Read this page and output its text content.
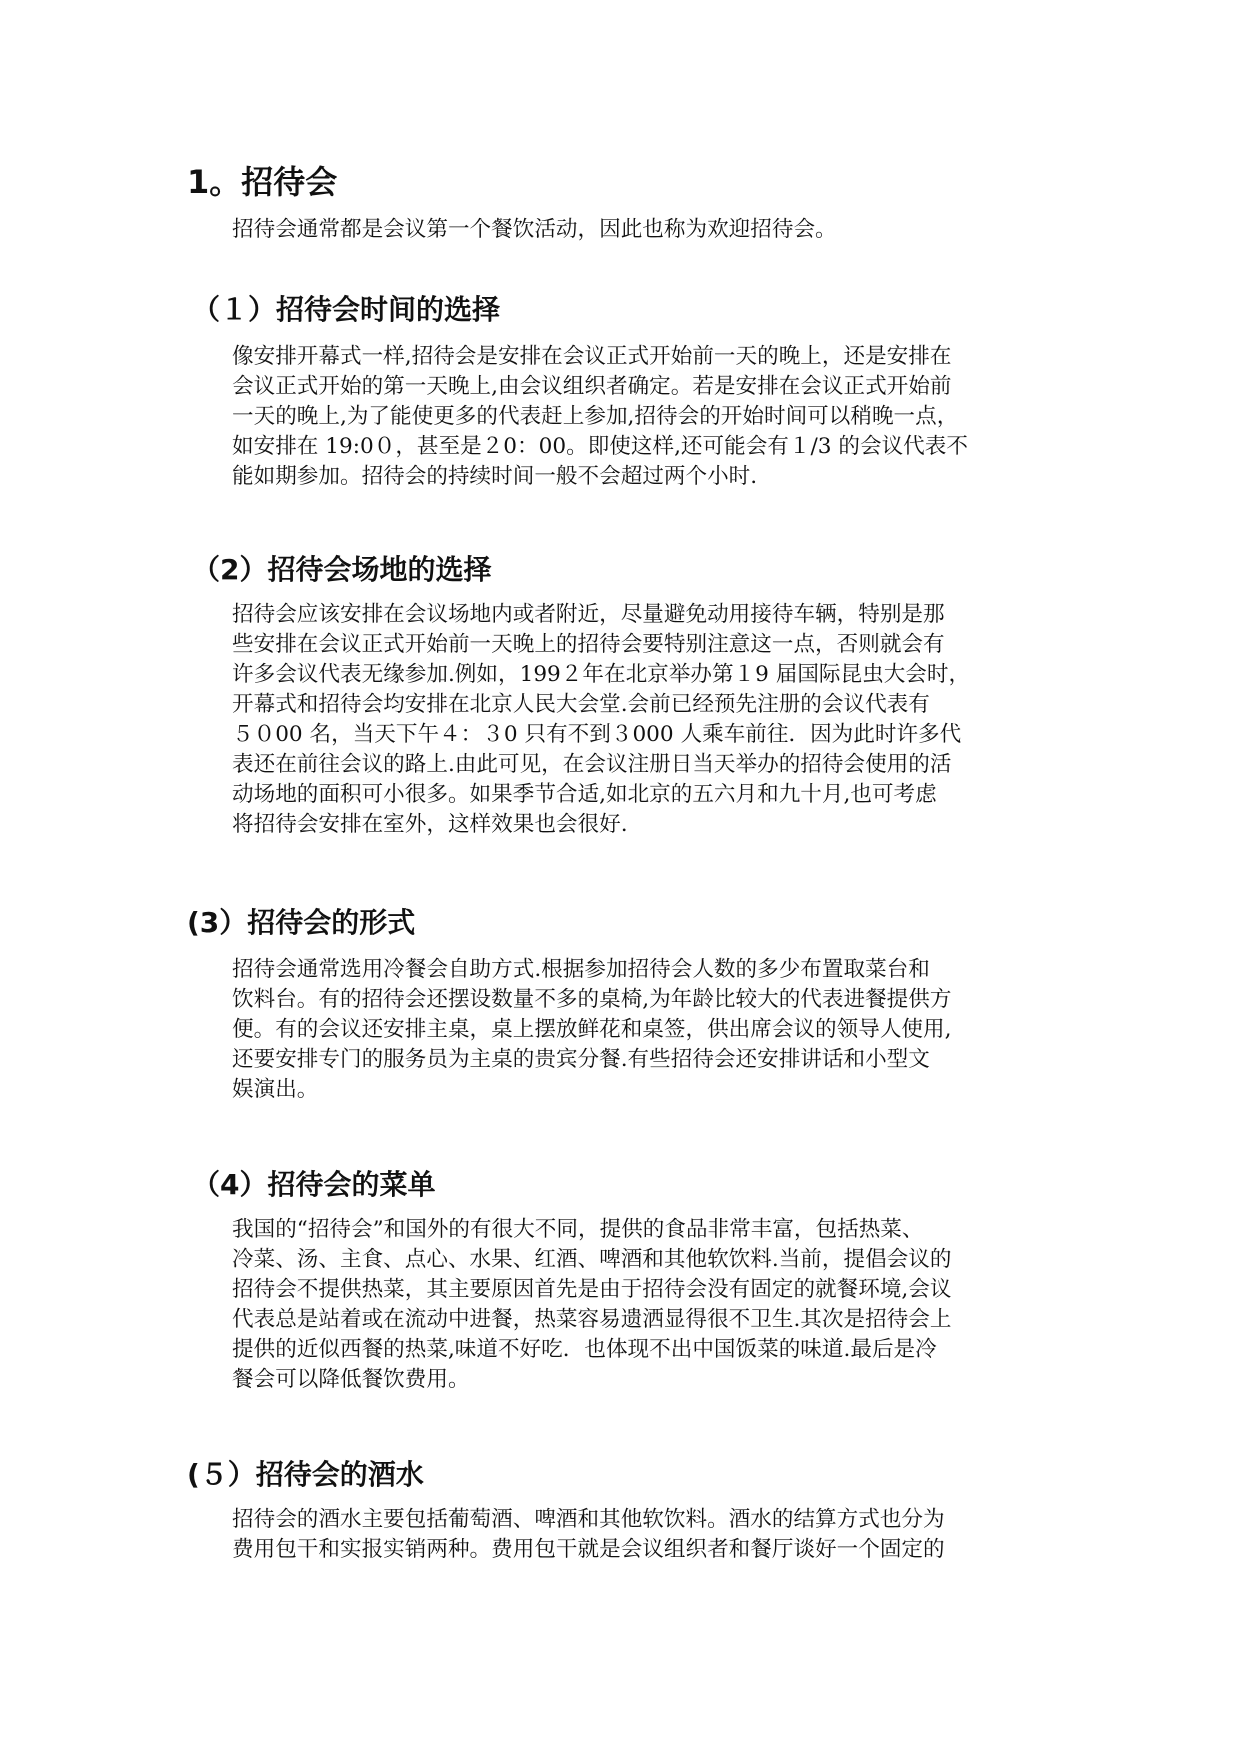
1。招待会

招待会通常都是会议第一个餐饮活动，因此也称为欢迎招待会。

（１）招待会时间的选择
像安排开幕式一样,招待会是安排在会议正式开始前一天的晚上，还是安排在
会议正式开始的第一天晚上,由会议组织者确定。若是安排在会议正式开始前
一天的晚上,为了能使更多的代表赶上参加,招待会的开始时间可以稍晚一点，
如安排在 19:0０，甚至是２0：00。即使这样,还可能会有１/3 的会议代表不
能如期参加。招待会的持续时间一般不会超过两个小时.
（2）招待会场地的选择
招待会应该安排在会议场地内或者附近，尽量避免动用接待车辆，特别是那
些安排在会议正式开始前一天晚上的招待会要特别注意这一点，否则就会有
许多会议代表无缘参加.例如，199２年在北京举办第１9 届国际昆虫大会时，
开幕式和招待会均安排在北京人民大会堂.会前已经预先注册的会议代表有
５０00 名，当天下午４：３0 只有不到３000 人乘车前往．因为此时许多代
表还在前往会议的路上.由此可见，在会议注册日当天举办的招待会使用的活
动场地的面积可小很多。如果季节合适,如北京的五六月和九十月,也可考虑
将招待会安排在室外，这样效果也会很好.
(3）招待会的形式
招待会通常选用冷餐会自助方式.根据参加招待会人数的多少布置取菜台和
饮料台。有的招待会还摆设数量不多的桌椅,为年龄比较大的代表进餐提供方
便。有的会议还安排主桌，桌上摆放鲜花和桌签，供出席会议的领导人使用,
还要安排专门的服务员为主桌的贵宾分餐.有些招待会还安排讲话和小型文
娱演出。
（4）招待会的菜单
我国的“招待会”和国外的有很大不同，提供的食品非常丰富，包括热菜、
冷菜、汤、主食、点心、水果、红酒、啤酒和其他软饮料.当前，提倡会议的
招待会不提供热菜，其主要原因首先是由于招待会没有固定的就餐环境,会议
代表总是站着或在流动中进餐，热菜容易遗洒显得很不卫生.其次是招待会上
提供的近似西餐的热菜,味道不好吃．也体现不出中国饭菜的味道.最后是冷
餐会可以降低餐饮费用。
(５）招待会的酒水
招待会的酒水主要包括葡萄酒、啤酒和其他软饮料。酒水的结算方式也分为
费用包干和实报实销两种。费用包干就是会议组织者和餐厅谈好一个固定的
